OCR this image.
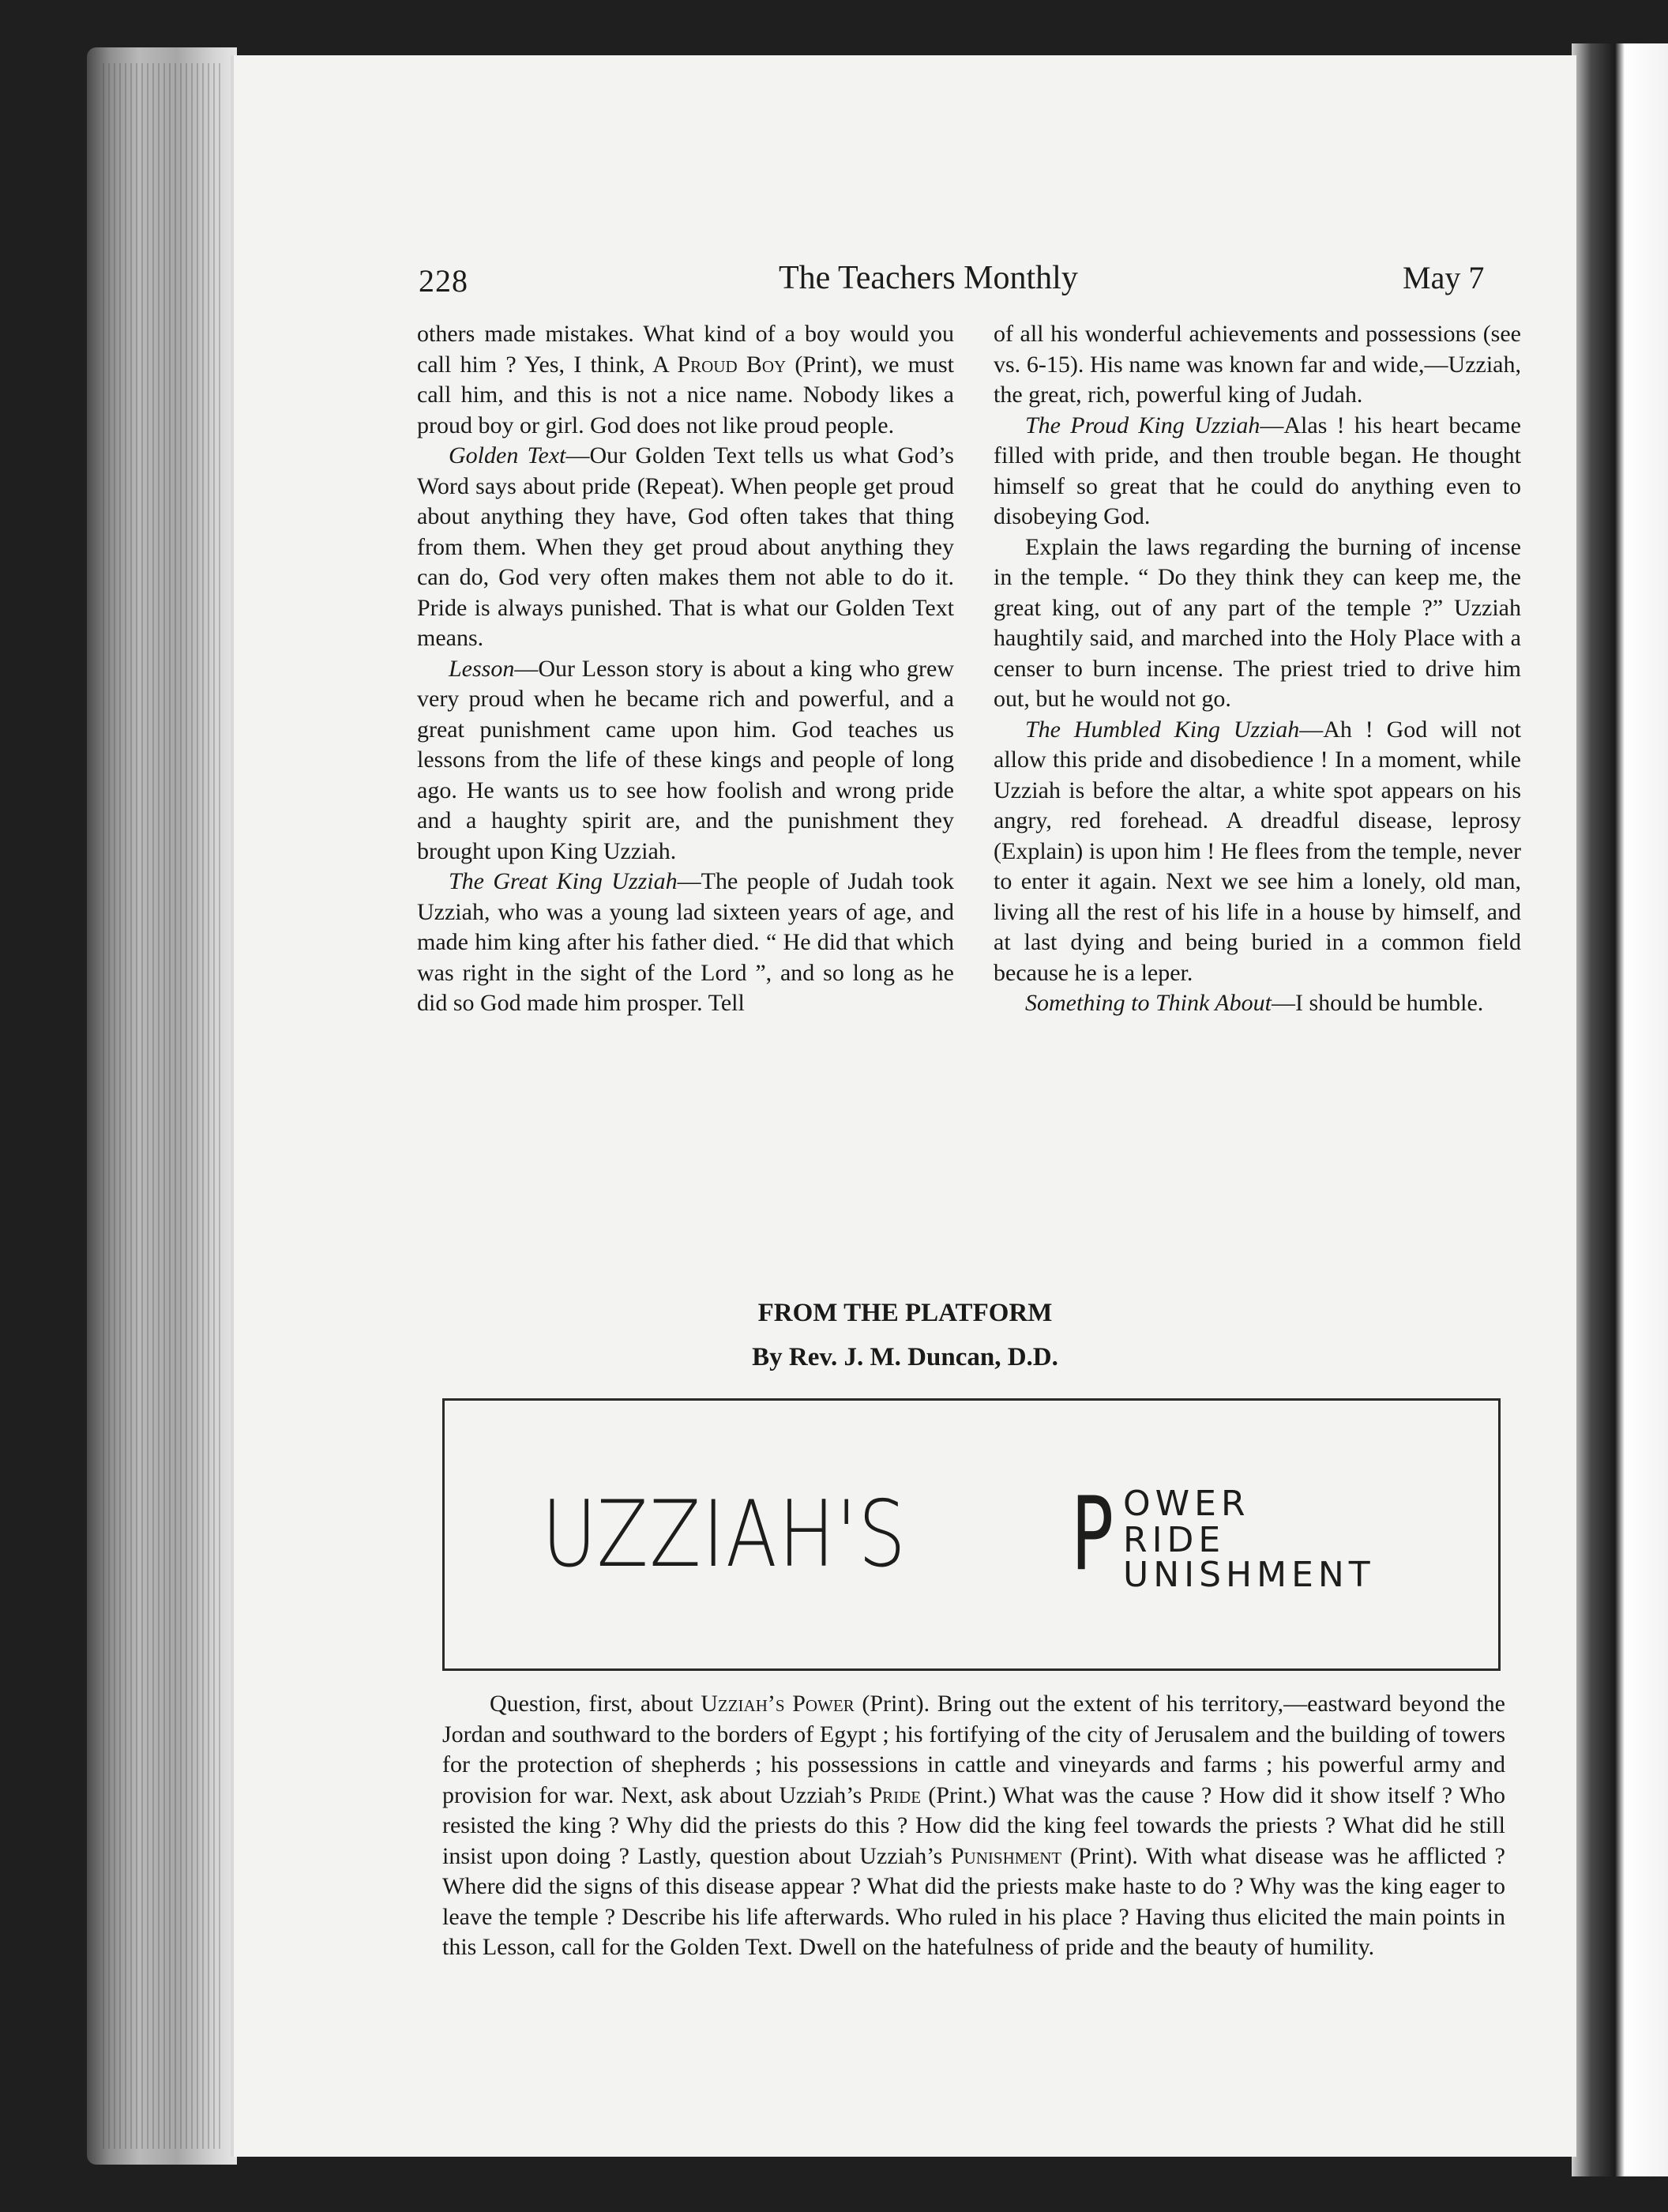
228	The Teachers Monthly	May 7

others made mistakes. What kind of a boy would you call him ? Yes, I think, A Proud Boy (Print), we must call him, and this is not a nice name. Nobody likes a proud boy or girl. God does not like proud people.

Golden Text—Our Golden Text tells us what God’s Word says about pride (Repeat). When people get proud about anything they have, God often takes that thing from them. When they get proud about anything they can do, God very often makes them not able to do it. Pride is always punished. That is what our Golden Text means.

Lesson—Our Lesson story is about a king who grew very proud when he became rich and powerful, and a great punishment came upon him. God teaches us lessons from the life of these kings and people of long ago. He wants us to see how foolish and wrong pride and a haughty spirit are, and the punishment they brought upon King Uzziah.

The Great King Uzziah—The people of Judah took Uzziah, who was a young lad sixteen years of age, and made him king after his father died. “ He did that which was right in the sight of the Lord ”, and so long as he did so God made him prosper. Tell

of all his wonderful achievements and possessions (see vs. 6-15). His name was known far and wide,—Uzziah, the great, rich, powerful king of Judah.

The Proud King Uzziah—Alas ! his heart became filled with pride, and then trouble began. He thought himself so great that he could do anything even to disobeying God.

Explain the laws regarding the burning of incense in the temple. “ Do they think they can keep me, the great king, out of any part of the temple ?” Uzziah haughtily said, and marched into the Holy Place with a censer to burn incense. The priest tried to drive him out, but he would not go.

The Humbled King Uzziah—Ah ! God will not allow this pride and disobedience ! In a moment, while Uzziah is before the altar, a white spot appears on his angry, red forehead. A dreadful disease, leprosy (Explain) is upon him ! He flees from the temple, never to enter it again. Next we see him a lonely, old man, living all the rest of his life in a house by himself, and at last dying and being buried in a common field because he is a leper.

Something to Think About—I should be humble.

FROM THE PLATFORM
By Rev. J. M. Duncan, D.D.
UZZIAH'S P OWER
RIDE
UNISHMENT

Question, first, about Uzziah’s Power (Print). Bring out the extent of his territory,—eastward beyond the Jordan and southward to the borders of Egypt ; his fortifying of the city of Jerusalem and the building of towers for the protection of shepherds ; his possessions in cattle and vineyards and farms ; his powerful army and provision for war. Next, ask about Uzziah’s Pride (Print.) What was the cause ? How did it show itself ? Who resisted the king ? Why did the priests do this ? How did the king feel towards the priests ? What did he still insist upon doing ? Lastly, question about Uzziah’s Punishment (Print). With what disease was he afflicted ? Where did the signs of this disease appear ? What did the priests make haste to do ? Why was the king eager to leave the temple ? Describe his life afterwards. Who ruled in his place ? Having thus elicited the main points in this Lesson, call for the Golden Text. Dwell on the hatefulness of pride and the beauty of humility.
